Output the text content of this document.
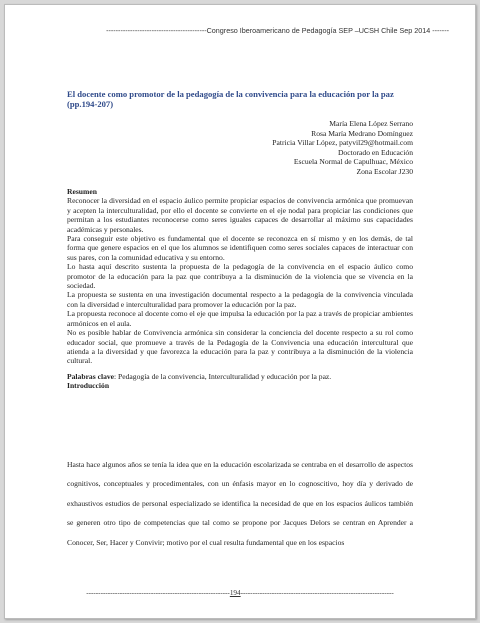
------------------------------------------Congreso Iberoamericano de Pedagogía SEP –UCSH Chile Sep 2014 -------
El docente como promotor de la pedagogía de la convivencia para la educación por la paz (pp.194-207)
María Elena López Serrano
Rosa María Medrano Domínguez
Patricia Villar López, patyvil29@hotmail.com
Doctorado en Educación
Escuela Normal de Capulhuac, México
Zona Escolar J230

Resumen

Reconocer la diversidad en el espacio áulico permite propiciar espacios de convivencia armónica que promuevan y acepten la interculturalidad, por ello el docente se convierte en el eje nodal para propiciar las condiciones que permitan a los estudiantes reconocerse como seres iguales capaces de desarrollar al máximo sus capacidades académicas y personales.

Para conseguir este objetivo es fundamental que el docente se reconozca en sí mismo y en los demás, de tal forma que genere espacios en el que los alumnos se identifiquen como seres sociales capaces de interactuar con sus pares, con la comunidad educativa y su entorno.

Lo hasta aquí descrito sustenta la propuesta de la pedagogía de la convivencia en el espacio áulico como promotor de la educación para la paz que contribuya a la disminución de la violencia que se vivencia en la sociedad.

La propuesta se sustenta en una investigación documental respecto a la pedagogía de la convivencia vinculada con la diversidad e interculturalidad para promover la educación por la paz.

La propuesta reconoce al docente como el eje que impulsa la educación por la paz a través de propiciar ambientes armónicos en el aula.

No es posible hablar de Convivencia armónica sin considerar la conciencia del docente respecto a su rol como educador social, que promueve a través de la Pedagogía de la Convivencia una educación intercultural que atienda a la diversidad y que favorezca la educación para la paz y contribuya a la disminución de la violencia cultural.

Palabras clave: Pedagogía de la convivencia, Interculturalidad y educación por la paz.

Introducción

Hasta hace algunos años se tenía la idea que en la educación escolarizada se centraba en el desarrollo de aspectos cognitivos, conceptuales y procedimentales, con un énfasis mayor en lo cognoscitivo, hoy día y derivado de exhaustivos estudios de personal especializado se identifica la necesidad de que en los espacios áulicos también se generen otro tipo de competencias que tal como se propone por Jacques Delors se centran en Aprender a Conocer, Ser, Hacer y Convivir; motivo por el cual resulta fundamental que en los espacios

------------------------------------------------------------194----------------------------------------------------------------
